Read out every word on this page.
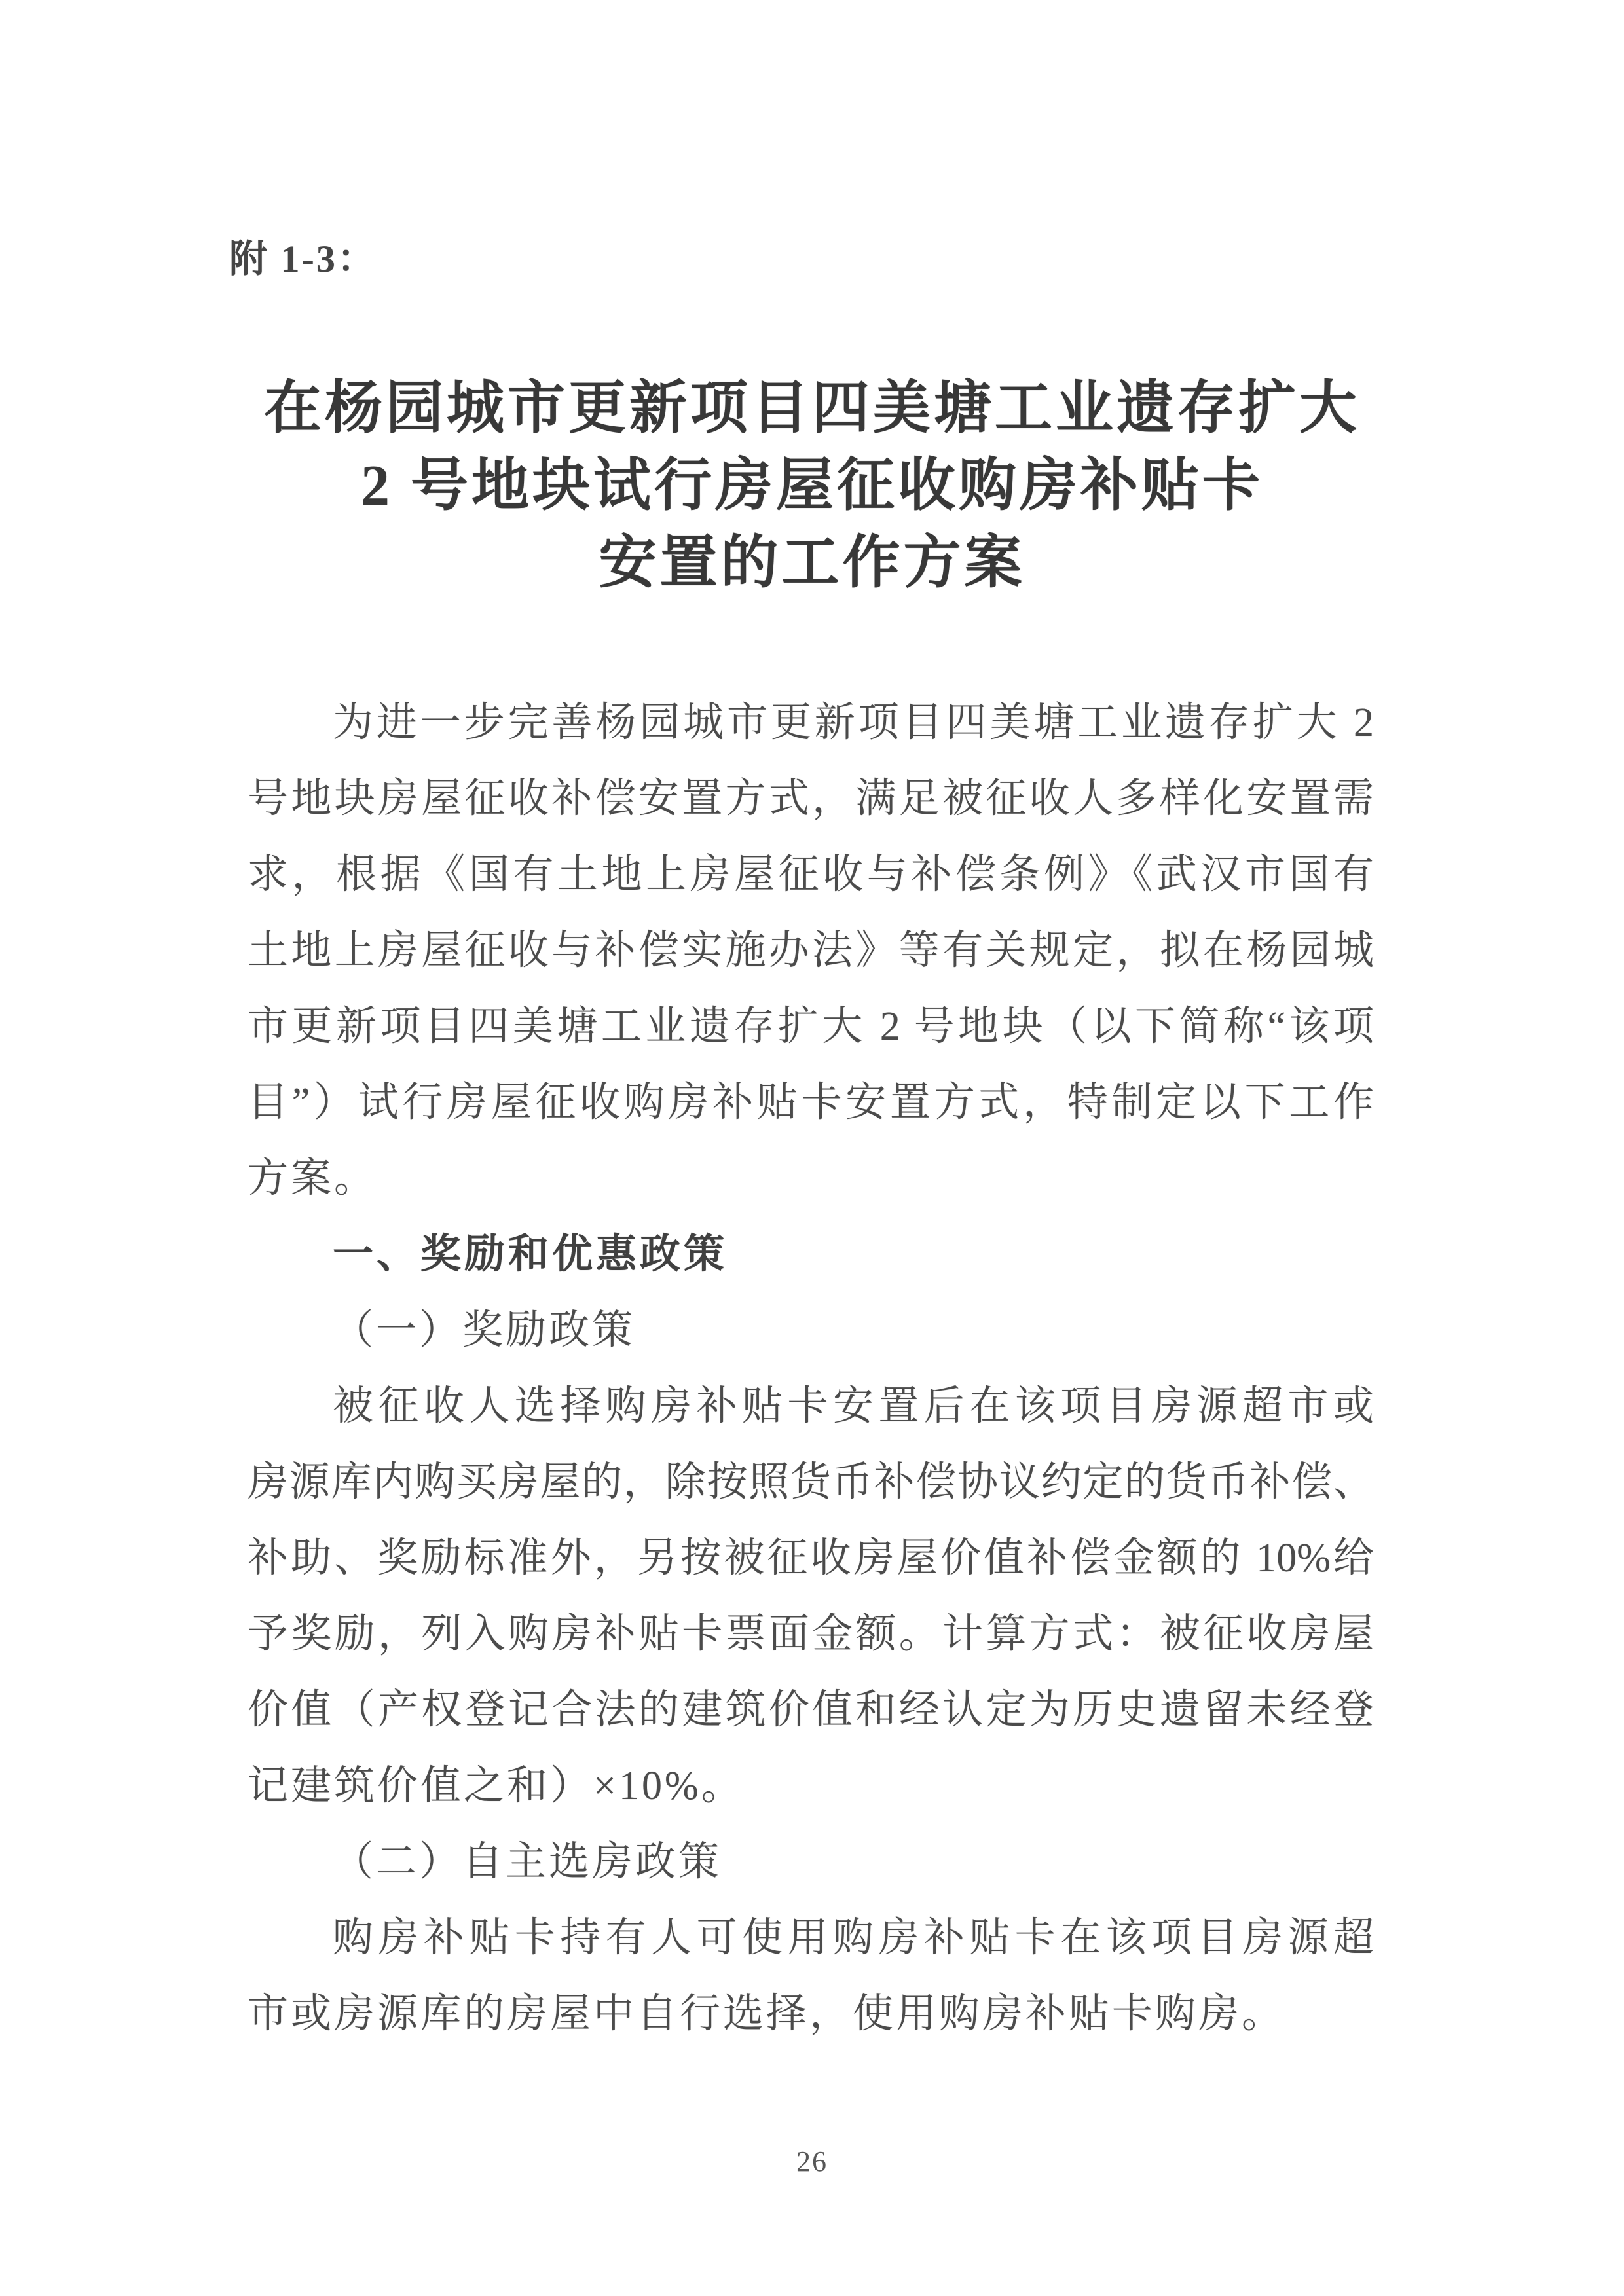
附 1-3：
在杨园城市更新项目四美塘工业遗存扩大
2 号地块试行房屋征收购房补贴卡
安置的工作方案
为进一步完善杨园城市更新项目四美塘工业遗存扩大 2
号地块房屋征收补偿安置方式，满足被征收人多样化安置需
求，根据《国有土地上房屋征收与补偿条例》《武汉市国有
土地上房屋征收与补偿实施办法》等有关规定，拟在杨园城
市更新项目四美塘工业遗存扩大 2 号地块（以下简称“该项
目”）试行房屋征收购房补贴卡安置方式，特制定以下工作
方案。
一、奖励和优惠政策
（一）奖励政策
被征收人选择购房补贴卡安置后在该项目房源超市或
房源库内购买房屋的，除按照货币补偿协议约定的货币补偿、
补助、奖励标准外，另按被征收房屋价值补偿金额的 10%给
予奖励，列入购房补贴卡票面金额。计算方式：被征收房屋
价值（产权登记合法的建筑价值和经认定为历史遗留未经登
记建筑价值之和）×10%。
（二）自主选房政策
购房补贴卡持有人可使用购房补贴卡在该项目房源超
市或房源库的房屋中自行选择，使用购房补贴卡购房。
26
